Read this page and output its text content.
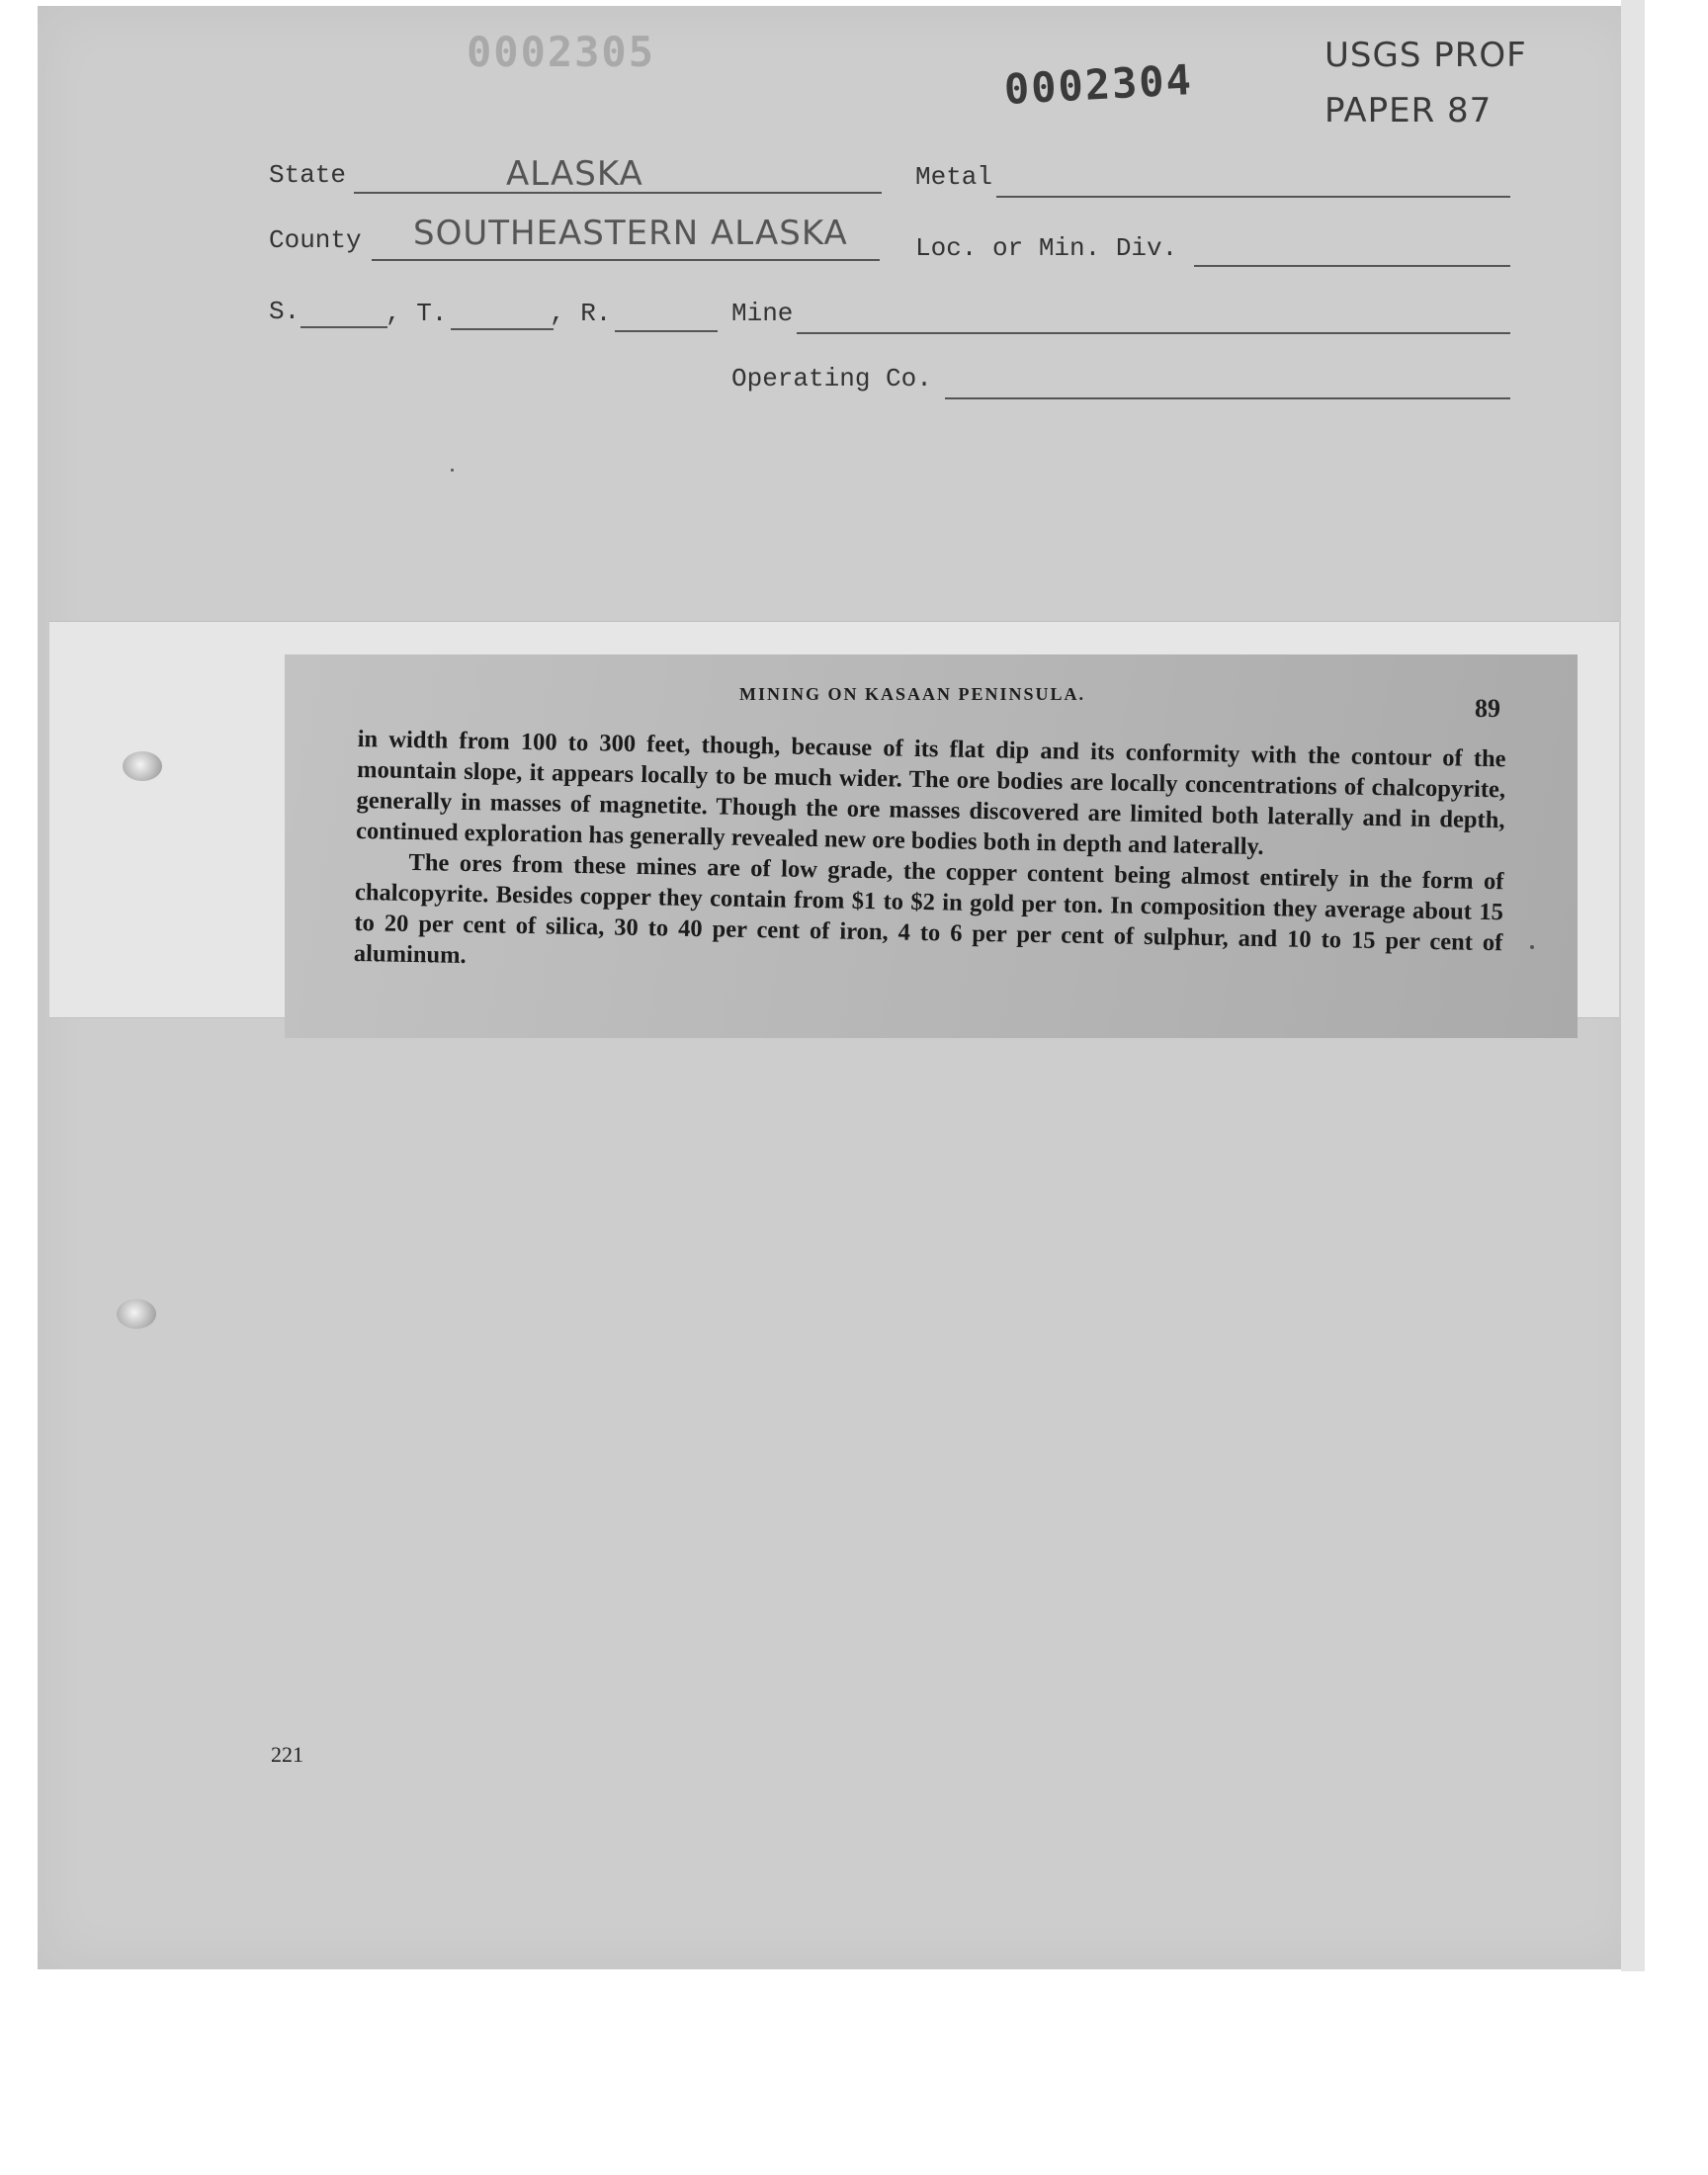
0002305
0002304
USGS PROF
PAPER 87
State	ALASKA	Metal
County SOUTHEASTERN ALASKA	Loc. or Min. Div.
S.	, T.	, R.	Mine
Operating Co.
MINING ON KASAAN PENINSULA.	89

in width from 100 to 300 feet, though, because of its flat dip and its conformity with the contour of the mountain slope, it appears locally to be much wider. The ore bodies are locally concentrations of chalcopyrite, generally in masses of magnetite. Though the ore masses discovered are limited both laterally and in depth, continued exploration has generally revealed new ore bodies both in depth and laterally.

The ores from these mines are of low grade, the copper content being almost entirely in the form of chalcopyrite. Besides copper they contain from $1 to $2 in gold per ton. In composition they average about 15 to 20 per cent of silica, 30 to 40 per cent of iron, 4 to 6 per per cent of sulphur, and 10 to 15 per cent of aluminum.

221
